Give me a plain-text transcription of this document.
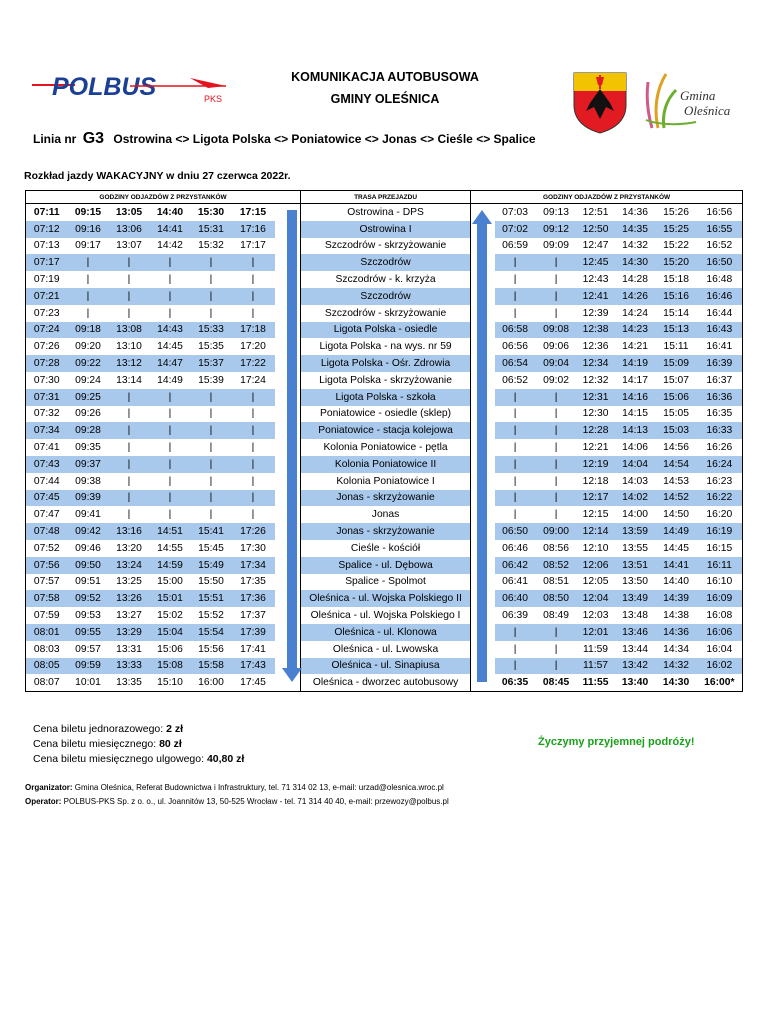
POLBUS	PKS
KOMUNIKACJA AUTOBUSOWA
GMINY OLEŚNICA	Gmina
Oleśnica
Linia nr G3 Ostrowina <> Ligota Polska <> Poniatowice <> Jonas <> Cieśle <> Spalice
Rozkład jazdy WAKACYJNY w dniu 27 czerwca 2022r.
GODZINY ODJAZDÓW Z PRZYSTANKÓW							TRASA PRZEJAZDU	GODZINY ODJAZDÓW Z PRZYSTANKÓW						
07:11	09:15	13:05	14:40	15:30	17:15		Ostrowina - DPS		07:03	09:13	12:51	14:36	15:26	16:56
07:12	09:16	13:06	14:41	15:31	17:16		Ostrowina I		07:02	09:12	12:50	14:35	15:25	16:55
07:13	09:17	13:07	14:42	15:32	17:17		Szczodrów - skrzyżowanie		06:59	09:09	12:47	14:32	15:22	16:52
07:17	|	|	|	|	|		Szczodrów		|	|	12:45	14:30	15:20	16:50
07:19	|	|	|	|	|		Szczodrów - k. krzyża		|	|	12:43	14:28	15:18	16:48
07:21	|	|	|	|	|		Szczodrów		|	|	12:41	14:26	15:16	16:46
07:23	|	|	|	|	|		Szczodrów - skrzyżowanie		|	|	12:39	14:24	15:14	16:44
07:24	09:18	13:08	14:43	15:33	17:18		Ligota Polska - osiedle		06:58	09:08	12:38	14:23	15:13	16:43
07:26	09:20	13:10	14:45	15:35	17:20		Ligota Polska - na wys. nr 59		06:56	09:06	12:36	14:21	15:11	16:41
07:28	09:22	13:12	14:47	15:37	17:22		Ligota Polska - Ośr. Zdrowia		06:54	09:04	12:34	14:19	15:09	16:39
07:30	09:24	13:14	14:49	15:39	17:24		Ligota Polska - skrzyżowanie		06:52	09:02	12:32	14:17	15:07	16:37
07:31	09:25	|	|	|	|		Ligota Polska - szkoła		|	|	12:31	14:16	15:06	16:36
07:32	09:26	|	|	|	|		Poniatowice - osiedle (sklep)		|	|	12:30	14:15	15:05	16:35
07:34	09:28	|	|	|	|		Poniatowice - stacja kolejowa		|	|	12:28	14:13	15:03	16:33
07:41	09:35	|	|	|	|		Kolonia Poniatowice - pętla		|	|	12:21	14:06	14:56	16:26
07:43	09:37	|	|	|	|		Kolonia Poniatowice II		|	|	12:19	14:04	14:54	16:24
07:44	09:38	|	|	|	|		Kolonia Poniatowice I		|	|	12:18	14:03	14:53	16:23
07:45	09:39	|	|	|	|		Jonas - skrzyżowanie		|	|	12:17	14:02	14:52	16:22
07:47	09:41	|	|	|	|		Jonas		|	|	12:15	14:00	14:50	16:20
07:48	09:42	13:16	14:51	15:41	17:26		Jonas - skrzyżowanie		06:50	09:00	12:14	13:59	14:49	16:19
07:52	09:46	13:20	14:55	15:45	17:30		Cieśle - kościół		06:46	08:56	12:10	13:55	14:45	16:15
07:56	09:50	13:24	14:59	15:49	17:34		Spalice - ul. Dębowa		06:42	08:52	12:06	13:51	14:41	16:11
07:57	09:51	13:25	15:00	15:50	17:35		Spalice - Spolmot		06:41	08:51	12:05	13:50	14:40	16:10
07:58	09:52	13:26	15:01	15:51	17:36		Oleśnica - ul. Wojska Polskiego II		06:40	08:50	12:04	13:49	14:39	16:09
07:59	09:53	13:27	15:02	15:52	17:37		Oleśnica - ul. Wojska Polskiego I		06:39	08:49	12:03	13:48	14:38	16:08
08:01	09:55	13:29	15:04	15:54	17:39		Oleśnica - ul. Klonowa		|	|	12:01	13:46	14:36	16:06
08:03	09:57	13:31	15:06	15:56	17:41		Oleśnica - ul. Lwowska		|	|	11:59	13:44	14:34	16:04
08:05	09:59	13:33	15:08	15:58	17:43		Oleśnica - ul. Sinapiusa		|	|	11:57	13:42	14:32	16:02
08:07	10:01	13:35	15:10	16:00	17:45		Oleśnica - dworzec autobusowy		06:35	08:45	11:55	13:40	14:30	16:00*
Cena biletu jednorazowego: 2 zł
Cena biletu miesięcznego: 80 zł
Cena biletu miesięcznego ulgowego: 40,80 zł
Życzymy przyjemnej podróży!
Organizator: Gmina Oleśnica, Referat Budownictwa i Infrastruktury, tel. 71 314 02 13, e-mail: urzad@olesnica.wroc.pl
Operator: POLBUS-PKS Sp. z o. o., ul. Joannitów 13, 50-525 Wrocław - tel. 71 314 40 40, e-mail: przewozy@polbus.pl
